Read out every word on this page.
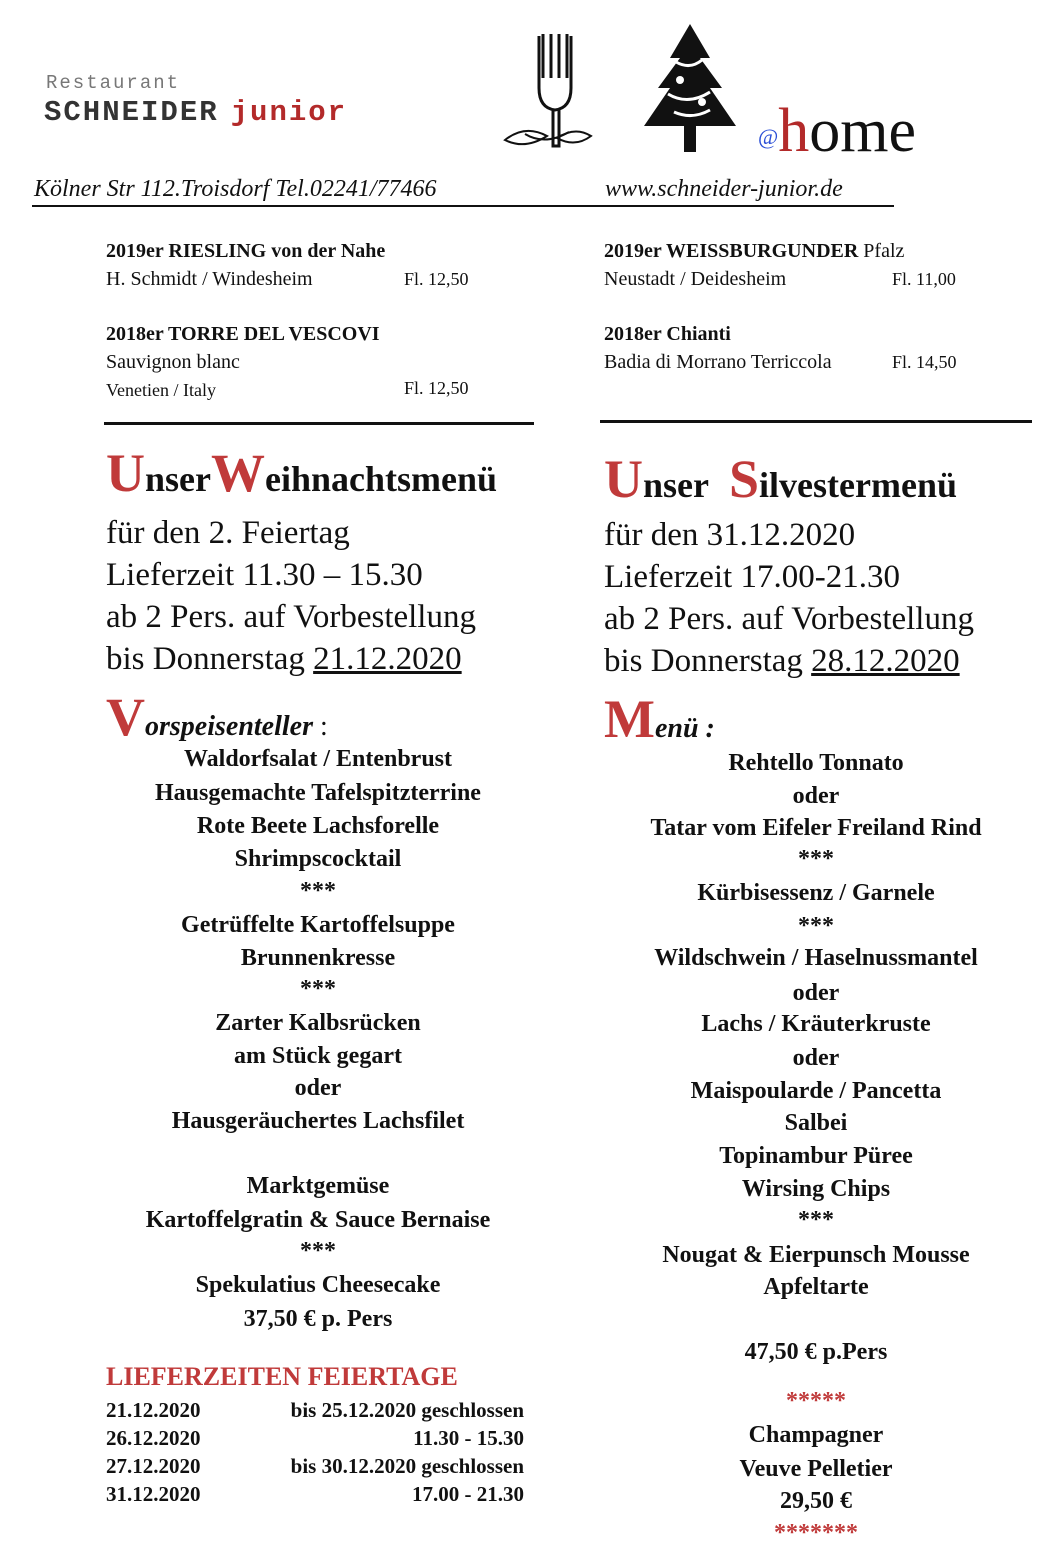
Restaurant
SCHNEIDER junior
@home
Kölner Str 112.Troisdorf Tel.02241/77466	www.schneider-junior.de
2019er RIESLING von der Nahe
H. Schmidt / Windesheim	Fl. 12,50
2019er WEISSBURGUNDER Pfalz
Neustadt / Deidesheim	Fl. 11,00
2018er TORRE DEL VESCOVI
Sauvignon blanc
Venetien / Italy	Fl. 12,50
2018er Chianti
Badia di Morrano Terriccola	Fl. 14,50
UnserWeihnachtsmenü
für den 2. Feiertag
Lieferzeit 11.30 – 15.30
ab 2 Pers. auf Vorbestellung
bis Donnerstag 21.12.2020
Vorspeisenteller :
Waldorfsalat / Entenbrust
Hausgemachte Tafelspitzterrine
Rote Beete Lachsforelle
Shrimpscocktail
***
Getrüffelte Kartoffelsuppe
Brunnenkresse
***
Zarter Kalbsrücken
am Stück gegart
oder
Hausgeräuchertes Lachsfilet
Marktgemüse
Kartoffelgratin & Sauce Bernaise
***
Spekulatius Cheesecake
37,50 € p. Pers
LIEFERZEITEN FEIERTAGE
21.12.2020	bis 25.12.2020 geschlossen
26.12.2020	11.30 - 15.30
27.12.2020	bis 30.12.2020 geschlossen
31.12.2020	17.00 - 21.30
Unser Silvestermenü
für den 31.12.2020
Lieferzeit 17.00-21.30
ab 2 Pers. auf Vorbestellung
bis Donnerstag 28.12.2020
Menü :
Rehtello Tonnato
oder
Tatar vom Eifeler Freiland Rind
***
Kürbisessenz / Garnele
***
Wildschwein / Haselnussmantel
oder
Lachs / Kräuterkruste
oder
Maispoularde / Pancetta
Salbei
Topinambur Püree
Wirsing Chips
***
Nougat & Eierpunsch Mousse
Apfeltarte
47,50 € p.Pers
*****
Champagner
Veuve Pelletier
29,50 €
*******
